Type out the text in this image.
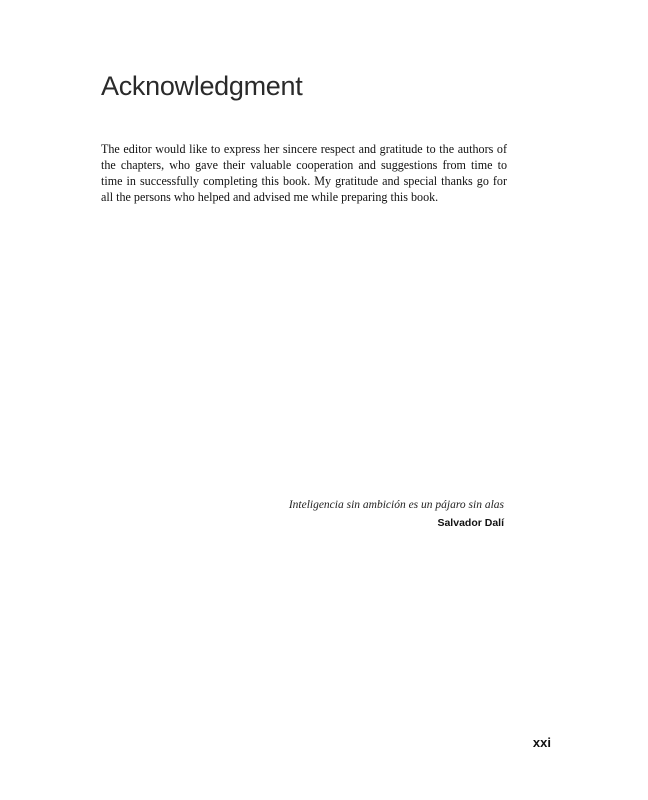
Acknowledgment

The editor would like to express her sincere respect and gratitude to the authors of the chapters, who gave their valuable cooperation and suggestions from time to time in successfully completing this book. My gratitude and special thanks go for all the persons who helped and advised me while preparing this book.

Inteligencia sin ambición es un pájaro sin alas

Salvador Dalí

xxi
